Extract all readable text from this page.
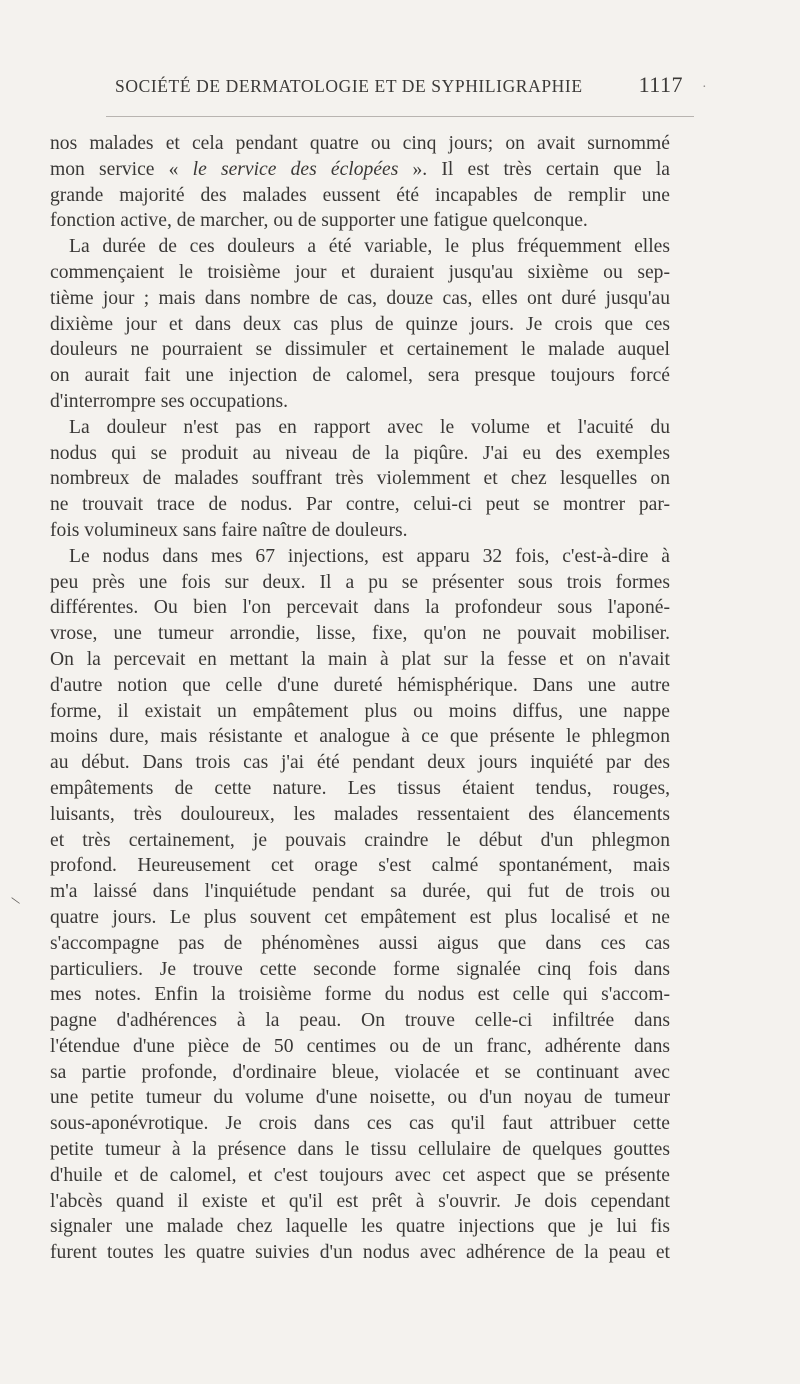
SOCIÉTÉ DE DERMATOLOGIE ET DE SYPHILIGRAPHIE	1117 ·
\
nos malades et cela pendant quatre ou cinq jours; on avait surnommé
mon service « le service des éclopées ». Il est très certain que la
grande majorité des malades eussent été incapables de remplir une
fonction active, de marcher, ou de supporter une fatigue quelconque.
La durée de ces douleurs a été variable, le plus fréquemment elles
commençaient le troisième jour et duraient jusqu'au sixième ou sep-
tième jour ; mais dans nombre de cas, douze cas, elles ont duré jusqu'au
dixième jour et dans deux cas plus de quinze jours. Je crois que ces
douleurs ne pourraient se dissimuler et certainement le malade auquel
on aurait fait une injection de calomel, sera presque toujours forcé
d'interrompre ses occupations.
La douleur n'est pas en rapport avec le volume et l'acuité du
nodus qui se produit au niveau de la piqûre. J'ai eu des exemples
nombreux de malades souffrant très violemment et chez lesquelles on
ne trouvait trace de nodus. Par contre, celui-ci peut se montrer par-
fois volumineux sans faire naître de douleurs.
Le nodus dans mes 67 injections, est apparu 32 fois, c'est-à-dire à
peu près une fois sur deux. Il a pu se présenter sous trois formes
différentes. Ou bien l'on percevait dans la profondeur sous l'aponé-
vrose, une tumeur arrondie, lisse, fixe, qu'on ne pouvait mobiliser.
On la percevait en mettant la main à plat sur la fesse et on n'avait
d'autre notion que celle d'une dureté hémisphérique. Dans une autre
forme, il existait un empâtement plus ou moins diffus, une nappe
moins dure, mais résistante et analogue à ce que présente le phlegmon
au début. Dans trois cas j'ai été pendant deux jours inquiété par des
empâtements de cette nature. Les tissus étaient tendus, rouges,
luisants, très douloureux, les malades ressentaient des élancements
et très certainement, je pouvais craindre le début d'un phlegmon
profond. Heureusement cet orage s'est calmé spontanément, mais
m'a laissé dans l'inquiétude pendant sa durée, qui fut de trois ou
quatre jours. Le plus souvent cet empâtement est plus localisé et ne
s'accompagne pas de phénomènes aussi aigus que dans ces cas
particuliers. Je trouve cette seconde forme signalée cinq fois dans
mes notes. Enfin la troisième forme du nodus est celle qui s'accom-
pagne d'adhérences à la peau. On trouve celle-ci infiltrée dans
l'étendue d'une pièce de 50 centimes ou de un franc, adhérente dans
sa partie profonde, d'ordinaire bleue, violacée et se continuant avec
une petite tumeur du volume d'une noisette, ou d'un noyau de tumeur
sous-aponévrotique. Je crois dans ces cas qu'il faut attribuer cette
petite tumeur à la présence dans le tissu cellulaire de quelques gouttes
d'huile et de calomel, et c'est toujours avec cet aspect que se présente
l'abcès quand il existe et qu'il est prêt à s'ouvrir. Je dois cependant
signaler une malade chez laquelle les quatre injections que je lui fis
furent toutes les quatre suivies d'un nodus avec adhérence de la peau et
